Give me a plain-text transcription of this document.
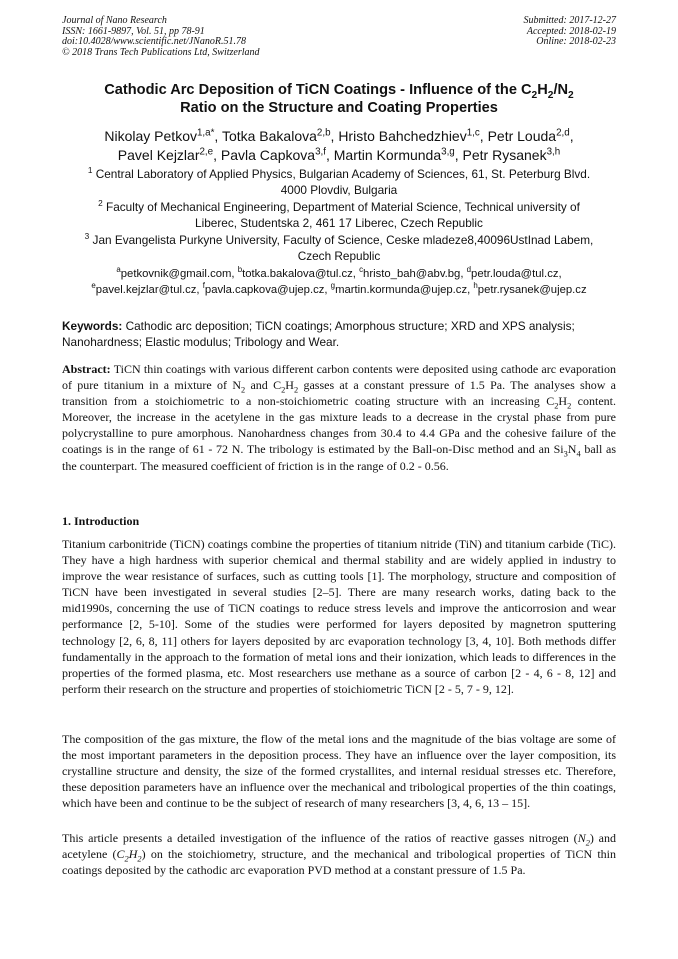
Journal of Nano Research
ISSN: 1661-9897, Vol. 51, pp 78-91
doi:10.4028/www.scientific.net/JNanoR.51.78
© 2018 Trans Tech Publications Ltd, Switzerland
Submitted: 2017-12-27
Accepted: 2018-02-19
Online: 2018-02-23
Cathodic Arc Deposition of TiCN Coatings - Influence of the $C_2H_2/N_2$
Ratio on the Structure and Coating Properties
Nikolay Petkov$^{1,a*}$, Totka Bakalova$^{2,b}$, Hristo Bahchedzhiev$^{1,c}$, Petr Louda$^{2,d}$,
Pavel Kejzlar$^{2,e}$, Pavla Capkova$^{3,f}$, Martin Kormunda$^{3,g}$, Petr Rysanek$^{3,h}$
$^1$ Central Laboratory of Applied Physics, Bulgarian Academy of Sciences, 61, St. Peterburg Blvd.
4000 Plovdiv, Bulgaria
$^2$ Faculty of Mechanical Engineering, Department of Material Science, Technical university of
Liberec, Studentska 2, 461 17 Liberec, Czech Republic
$^3$ Jan Evangelista Purkyne University, Faculty of Science, Ceske mladeze8,40096UstInad Labem,
Czech Republic
$^a$petkovnik@gmail.com, $^b$totka.bakalova@tul.cz, $^c$hristo_bah@abv.bg, $^d$petr.louda@tul.cz,
$^e$pavel.kejzlar@tul.cz, $^f$pavla.capkova@ujep.cz, $^g$martin.kormunda@ujep.cz, $^h$petr.rysanek@ujep.cz
Keywords: Cathodic arc deposition; TiCN coatings; Amorphous structure; XRD and XPS analysis; Nanohardness; Elastic modulus; Tribology and Wear.
Abstract: TiCN thin coatings with various different carbon contents were deposited using cathode arc evaporation of pure titanium in a mixture of $N_2$ and $C_2H_2$ gasses at a constant pressure of 1.5 Pa. The analyses show a transition from a stoichiometric to a non-stoichiometric coating structure with an increasing $C_2H_2$ content. Moreover, the increase in the acetylene in the gas mixture leads to a decrease in the crystal phase from pure polycrystalline to pure amorphous. Nanohardness changes from 30.4 to 4.4 GPa and the cohesive failure of the coatings is in the range of 61 - 72 N. The tribology is estimated by the Ball-on-Disc method and an $Si_3N_4$ ball as the counterpart. The measured coefficient of friction is in the range of 0.2 - 0.56.
1. Introduction
Titanium carbonitride (TiCN) coatings combine the properties of titanium nitride (TiN) and titanium carbide (TiC). They have a high hardness with superior chemical and thermal stability and are widely applied in industry to improve the wear resistance of surfaces, such as cutting tools [1]. The morphology, structure and composition of TiCN have been investigated in several studies [2–5]. There are many research works, dating back to the mid1990s, concerning the use of TiCN coatings to reduce stress levels and improve the anticorrosion and wear performance [2, 5-10]. Some of the studies were performed for layers deposited by magnetron sputtering technology [2, 6, 8, 11] others for layers deposited by arc evaporation technology [3, 4, 10]. Both methods differ fundamentally in the approach to the formation of metal ions and their ionization, which leads to differences in the properties of the formed plasma, etc. Most researchers use methane as a source of carbon [2 - 4, 6 - 8, 12] and perform their research on the structure and properties of stoichiometric TiCN [2 - 5, 7 - 9, 12].
The composition of the gas mixture, the flow of the metal ions and the magnitude of the bias voltage are some of the most important parameters in the deposition process. They have an influence over the layer composition, its crystalline structure and density, the size of the formed crystallites, and internal residual stresses etc. Therefore, these deposition parameters have an influence over the mechanical and tribological properties of the thin coatings, which have been and continue to be the subject of research of many researchers [3, 4, 6, 13 – 15].
This article presents a detailed investigation of the influence of the ratios of reactive gasses nitrogen $(N_2)$ and acetylene $(C_2H_2)$ on the stoichiometry, structure, and the mechanical and tribological properties of TiCN thin coatings deposited by the cathodic arc evaporation PVD method at a constant pressure of 1.5 Pa.
